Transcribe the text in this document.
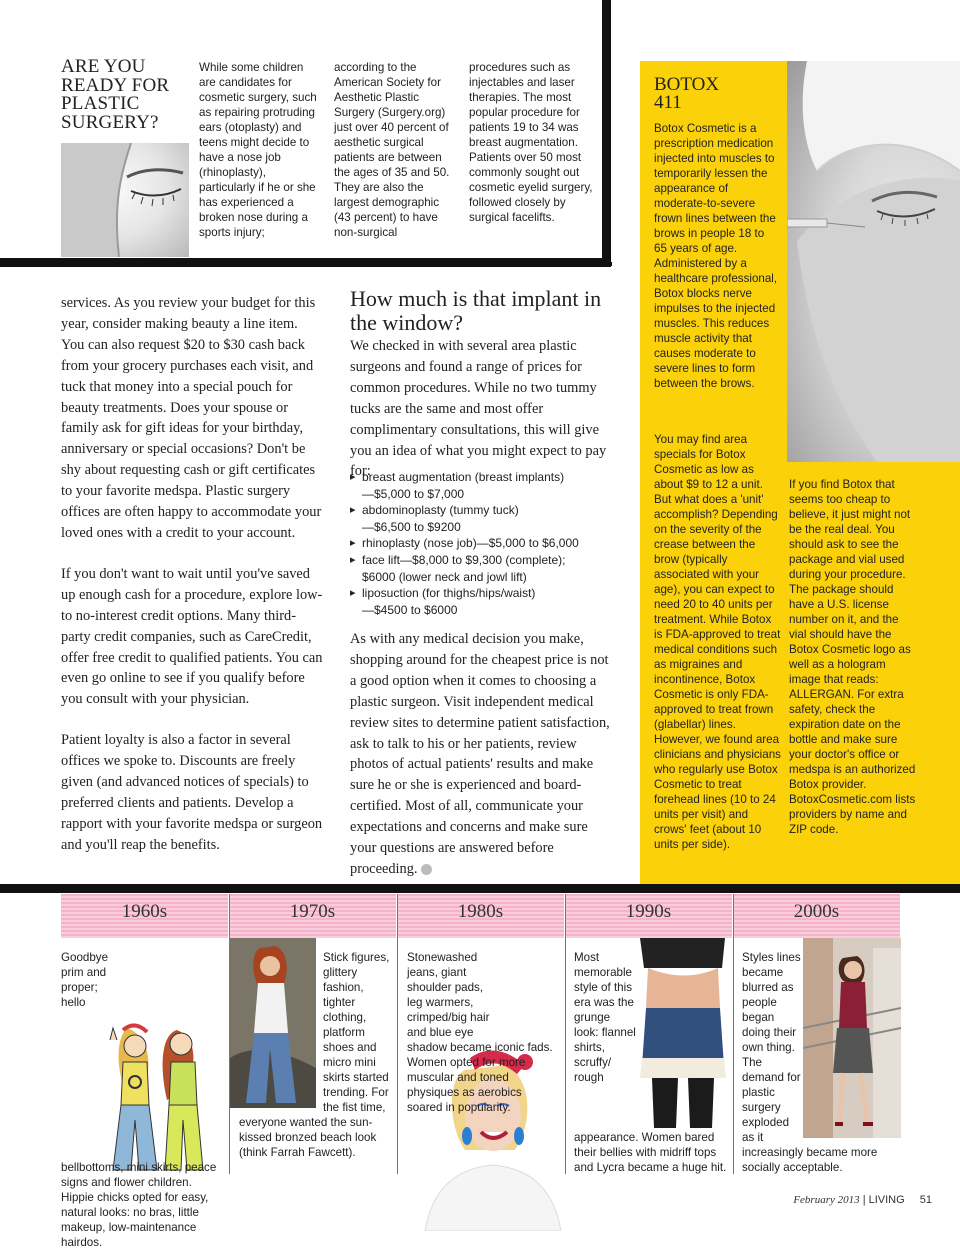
ARE YOU READY FOR PLASTIC SURGERY?
While some children are candidates for cosmetic surgery, such as repairing protruding ears (otoplasty) and teens might decide to have a nose job (rhinoplasty), particularly if he or she has experienced a broken nose during a sports injury;
according to the American Society for Aesthetic Plastic Surgery (Surgery.org) just over 40 percent of aesthetic surgical patients are between the ages of 35 and 50. They are also the largest demographic (43 percent) to have non-surgical
procedures such as injectables and laser therapies. The most popular procedure for patients 19 to 34 was breast augmentation. Patients over 50 most commonly sought out cosmetic eyelid surgery, followed closely by surgical facelifts.

services. As you review your budget for this year, consider making beauty a line item. You can also request $20 to $30 cash back from your grocery purchases each visit, and tuck that money into a special pouch for beauty treatments. Does your spouse or family ask for gift ideas for your birthday, anniversary or special occasions? Don't be shy about requesting cash or gift certificates to your favorite medspa. Plastic surgery offices are often happy to accommodate your loved ones with a credit to your account.

If you don't want to wait until you've saved up enough cash for a procedure, explore low- to no-interest credit options. Many third-party credit companies, such as CareCredit, offer free credit to qualified patients. You can even go online to see if you qualify before you consult with your physician.

Patient loyalty is also a factor in several offices we spoke to. Discounts are freely given (and advanced notices of specials) to preferred clients and patients. Develop a rapport with your favorite medspa or surgeon and you'll reap the benefits.

How much is that implant in the window?
We checked in with several area plastic surgeons and found a range of prices for common procedures. While no two tummy tucks are the same and most offer complimentary consultations, this will give you an idea of what you might expect to pay for:
▸ breast augmentation (breast implants)
—$5,000 to $7,000
▸ abdominoplasty (tummy tuck)
—$6,500 to $9200
▸ rhinoplasty (nose job)—$5,000 to $6,000
▸ face lift—$8,000 to $9,300 (complete);
$6000 (lower neck and jowl lift)
▸ liposuction (for thighs/hips/waist)
—$4500 to $6000
As with any medical decision you make, shopping around for the cheapest price is not a good option when it comes to choosing a plastic surgeon. Visit independent medical review sites to determine patient satisfaction, ask to talk to his or her patients, review photos of actual patients' results and make sure he or she is experienced and board-certified. Most of all, communicate your expectations and concerns and make sure your questions are answered before proceeding.
BOTOX
411
Botox Cosmetic is a prescription medication injected into muscles to temporarily lessen the appearance of moderate-to-severe frown lines between the brows in people 18 to 65 years of age. Administered by a healthcare professional, Botox blocks nerve impulses to the injected muscles. This reduces muscle activity that causes moderate to severe lines to form between the brows.
You may find area specials for Botox Cosmetic as low as about $9 to 12 a unit. But what does a 'unit' accomplish? Depending on the severity of the crease between the brow (typically associated with your age), you can expect to need 20 to 40 units per treatment. While Botox is FDA-approved to treat medical conditions such as migraines and incontinence, Botox Cosmetic is only FDA-approved to treat frown (glabellar) lines. However, we found area clinicians and physicians who regularly use Botox Cosmetic to treat forehead lines (10 to 24 units per visit) and crows' feet (about 10 units per side).
If you find Botox that seems too cheap to believe, it just might not be the real deal. You should ask to see the package and vial used during your procedure. The package should have a U.S. license number on it, and the vial should have the Botox Cosmetic logo as well as a hologram image that reads: ALLERGAN. For extra safety, check the expiration date on the bottle and make sure your doctor's office or medspa is an authorized Botox provider. BotoxCosmetic.com lists providers by name and ZIP code.
1960s	1970s	1980s	1990s	2000s
Goodbye prim and proper; hello bellbottoms, mini skirts, peace signs and flower children. Hippie chicks opted for easy, natural looks: no bras, little makeup, low-maintenance hairdos.
Stick figures, glittery fashion, tighter clothing, platform shoes and micro mini skirts started trending. For the fist time, everyone wanted the sun-kissed bronzed beach look (think Farrah Fawcett).
Stonewashed jeans, giant shoulder pads, leg warmers, crimped/big hair and blue eye shadow became iconic fads. Women opted for more muscular and toned physiques as aerobics soared in popularity.
Most memorable style of this era was the grunge look: flannel shirts, scruffy/ rough appearance. Women bared their bellies with midriff tops and Lycra became a huge hit.
Styles lines became blurred as people began doing their own thing. The demand for plastic surgery exploded as it increasingly became more socially acceptable.
February 2013 | LIVING 51
